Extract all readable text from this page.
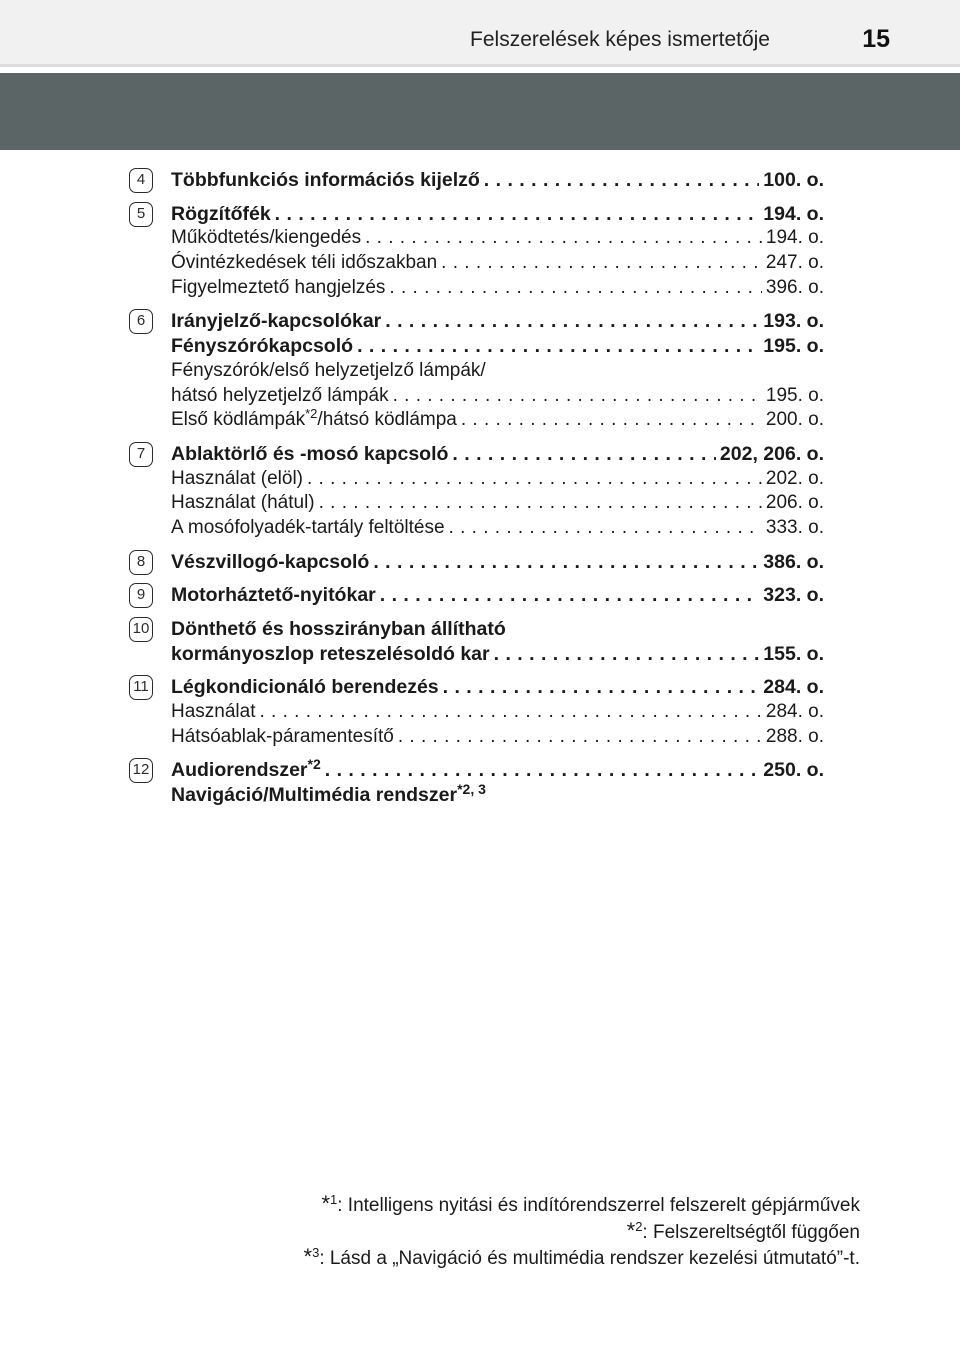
Felszerelések képes ismertetője	15
4	Többfunkciós információs kijelző . . .	100. o.
5	Rögzítőfék . . .	194. o.
Működtetés/kiengedés . . .	194. o.
Óvintézkedések téli időszakban . . .	247. o.
Figyelmeztető hangjelzés . . .	396. o.
6	Irányjelző-kapcsolókar . . .	193. o.
Fényszórókapcsoló . . .	195. o.
Fényszórók/első helyzetjelző lámpák/
hátsó helyzetjelző lámpák . . .	195. o.
Első ködlámpák$^{*2}$/hátsó ködlámpa . . .	200. o.
7	Ablaktörlő és -mosó kapcsoló . . .	202, 206. o.
Használat (elöl) . . .	202. o.
Használat (hátul) . . .	206. o.
A mosófolyadék-tartály feltöltése . . .	333. o.
8	Vészvillogó-kapcsoló . . .	386. o.
9	Motorháztető-nyitókar . . .	323. o.
10 Dönthető és hosszirányban állítható
kormányoszlop reteszelésoldó kar . . .	155. o.
11 Légkondicionáló berendezés . . .	284. o.
Használat . . .	284. o.
Hátsóablak-páramentesítő . . .	288. o.
12 Audiorendszer$^{*2}$ . . .	250. o.
Navigáció/Multimédia rendszer$^{*2, 3}$
*$^1$: Intelligens nyitási és indítórendszerrel felszerelt gépjárművek
*$^2$: Felszereltségtől függően
*$^3$: Lásd a „Navigáció és multimédia rendszer kezelési útmutató”-t.
